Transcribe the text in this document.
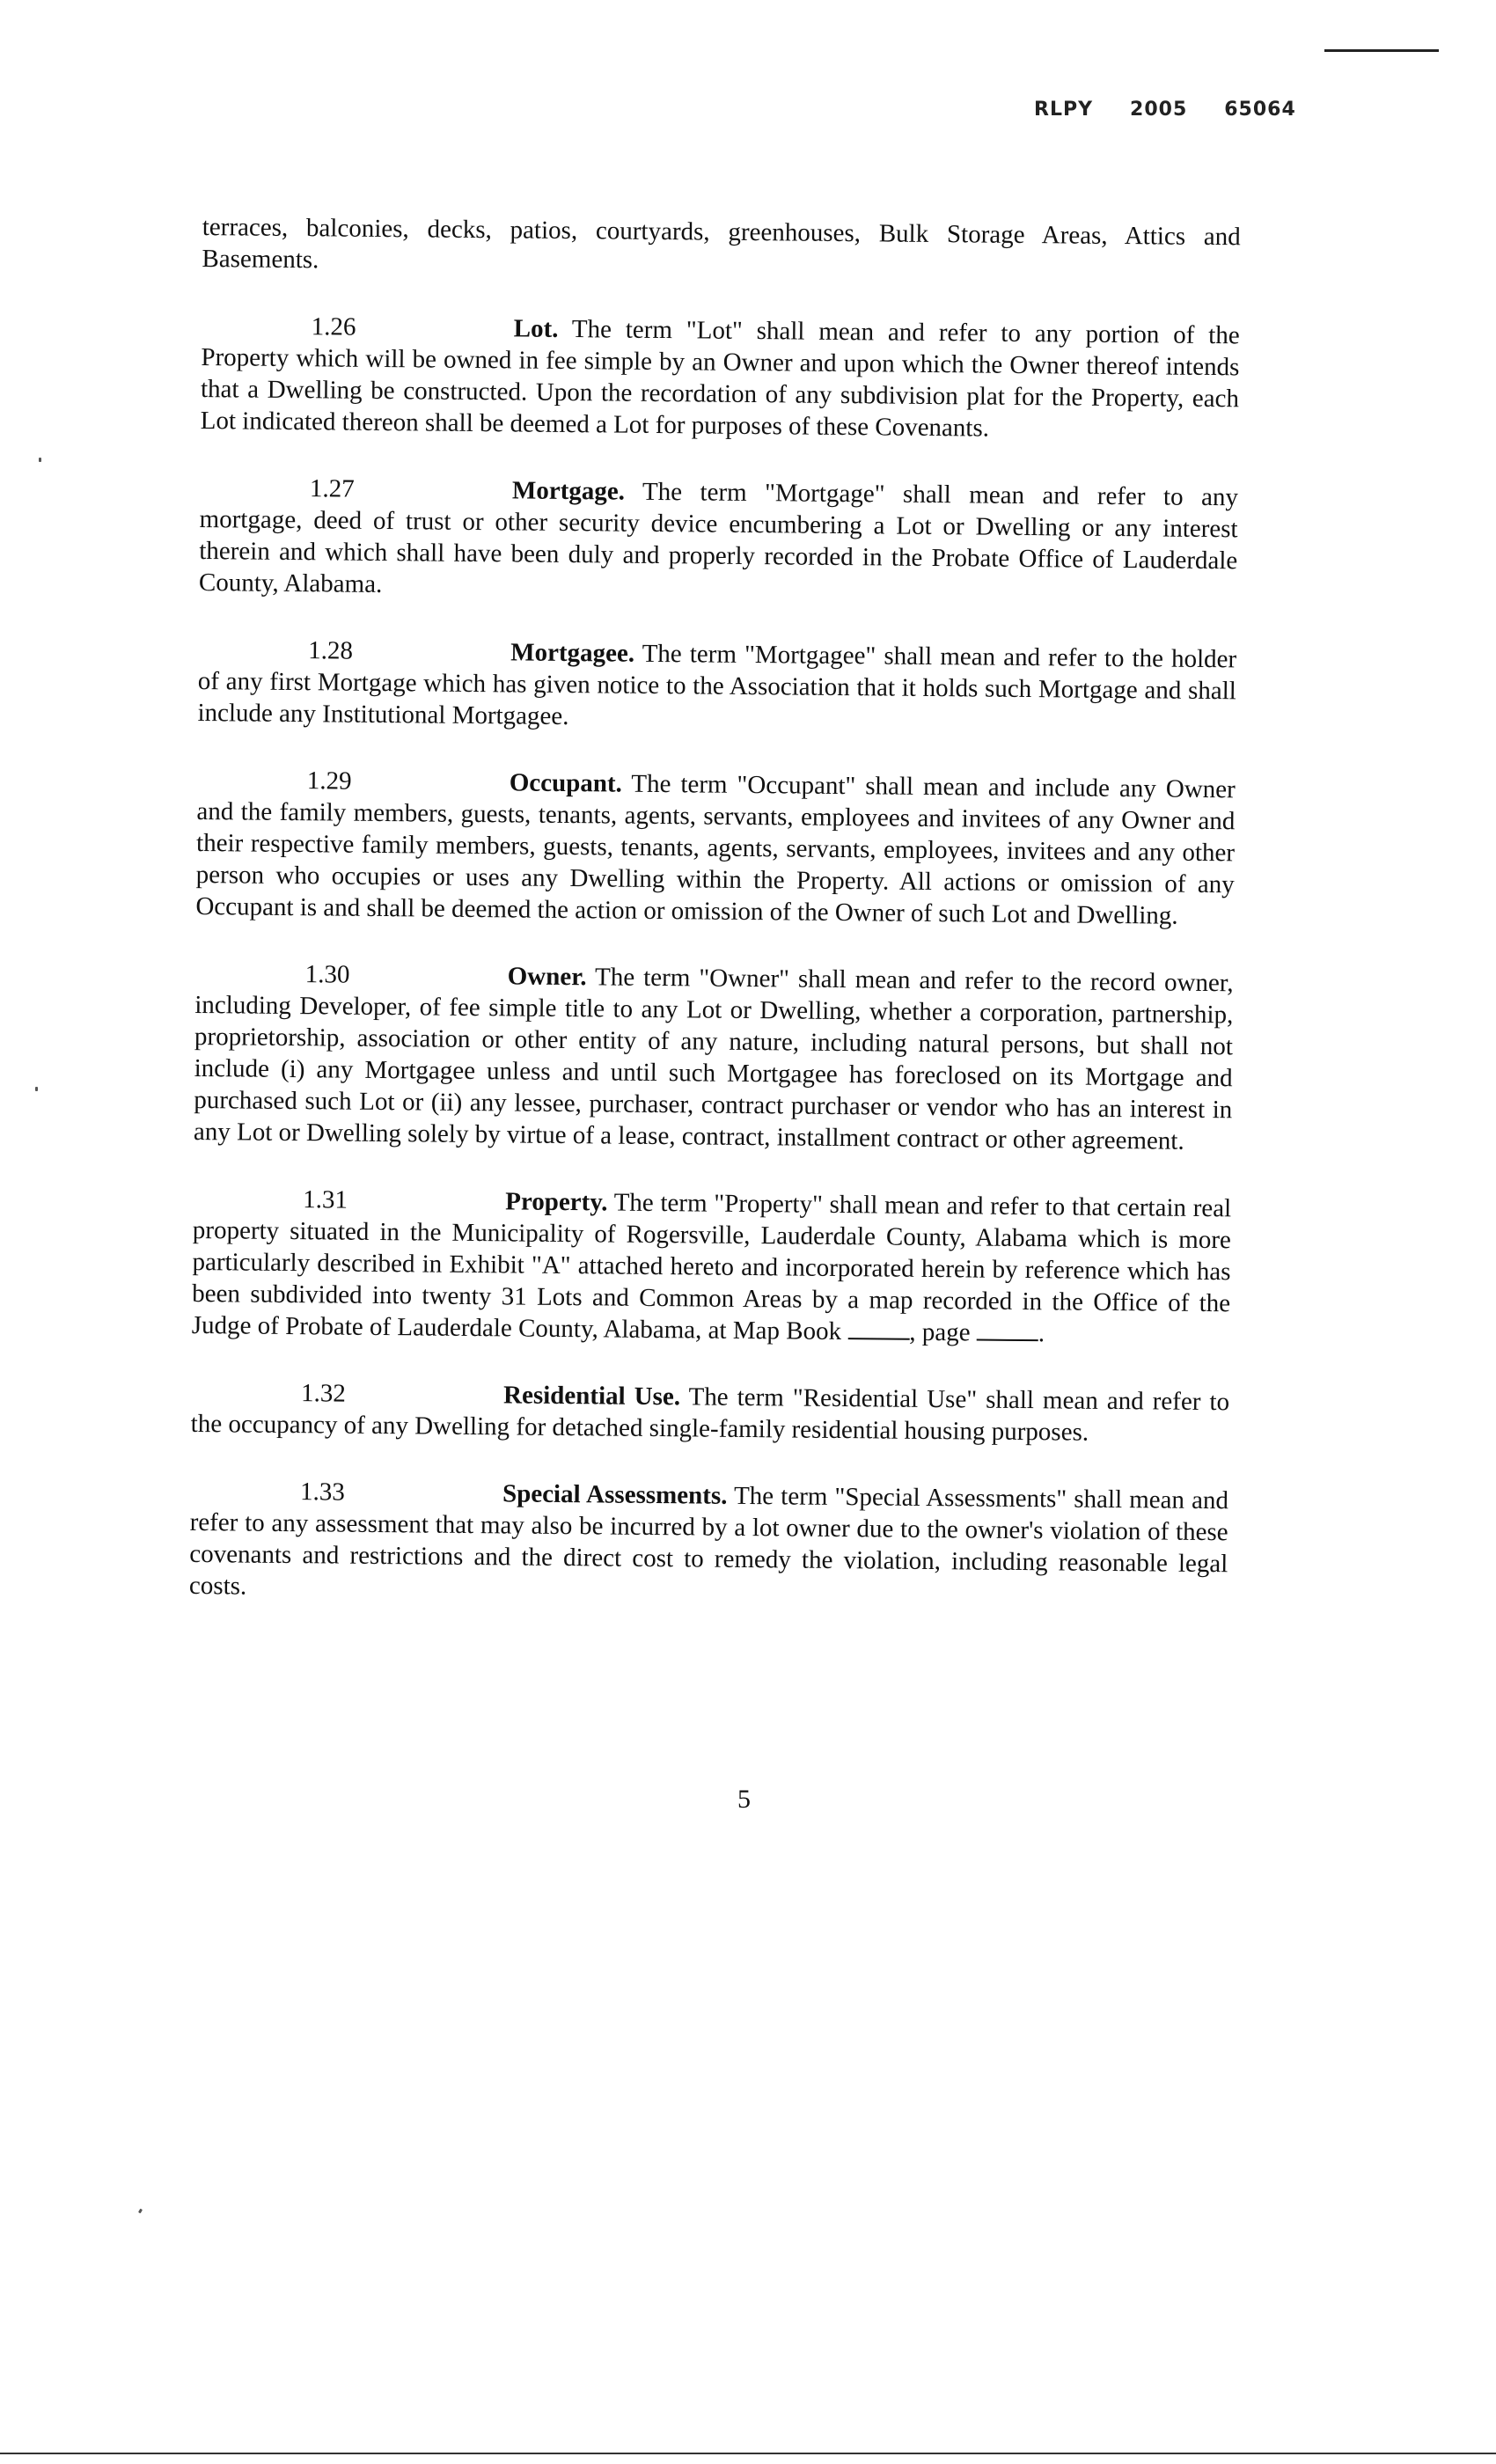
RLPY 2005 65064

terraces, balconies, decks, patios, courtyards, greenhouses, Bulk Storage Areas, Attics and Basements.

1.26	Lot. The term "Lot" shall mean and refer to any portion of the Property which will be owned in fee simple by an Owner and upon which the Owner thereof intends that a Dwelling be constructed. Upon the recordation of any subdivision plat for the Property, each Lot indicated thereon shall be deemed a Lot for purposes of these Covenants.

1.27	Mortgage. The term "Mortgage" shall mean and refer to any mortgage, deed of trust or other security device encumbering a Lot or Dwelling or any interest therein and which shall have been duly and properly recorded in the Probate Office of Lauderdale County, Alabama.

1.28	Mortgagee. The term "Mortgagee" shall mean and refer to the holder of any first Mortgage which has given notice to the Association that it holds such Mortgage and shall include any Institutional Mortgagee.

1.29	Occupant. The term "Occupant" shall mean and include any Owner and the family members, guests, tenants, agents, servants, employees and invitees of any Owner and their respective family members, guests, tenants, agents, servants, employees, invitees and any other person who occupies or uses any Dwelling within the Property. All actions or omission of any Occupant is and shall be deemed the action or omission of the Owner of such Lot and Dwelling.

1.30	Owner. The term "Owner" shall mean and refer to the record owner, including Developer, of fee simple title to any Lot or Dwelling, whether a corporation, partnership, proprietorship, association or other entity of any nature, including natural persons, but shall not include (i) any Mortgagee unless and until such Mortgagee has foreclosed on its Mortgage and purchased such Lot or (ii) any lessee, purchaser, contract purchaser or vendor who has an interest in any Lot or Dwelling solely by virtue of a lease, contract, installment contract or other agreement.

1.31	Property. The term "Property" shall mean and refer to that certain real property situated in the Municipality of Rogersville, Lauderdale County, Alabama which is more particularly described in Exhibit "A" attached hereto and incorporated herein by reference which has been subdivided into twenty 31 Lots and Common Areas by a map recorded in the Office of the Judge of Probate of Lauderdale County, Alabama, at Map Book	, page	.

1.32	Residential Use. The term "Residential Use" shall mean and refer to the occupancy of any Dwelling for detached single-family residential housing purposes.

1.33	Special Assessments. The term "Special Assessments" shall mean and refer to any assessment that may also be incurred by a lot owner due to the owner's violation of these covenants and restrictions and the direct cost to remedy the violation, including reasonable legal costs.

5
